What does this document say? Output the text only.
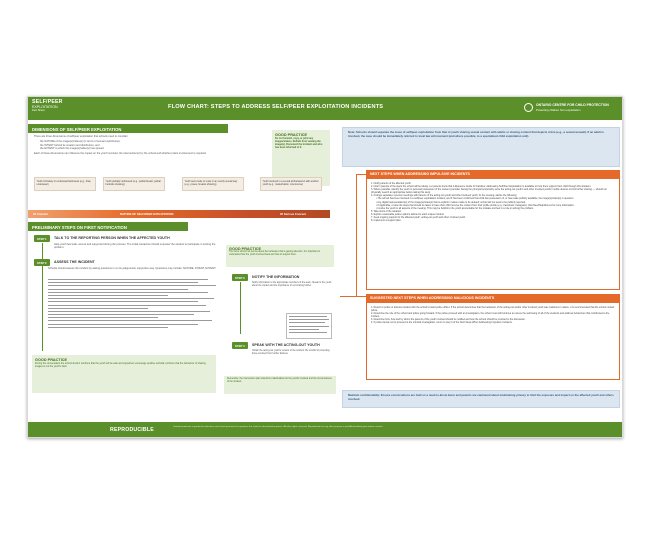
SELF/PEER
EXPLOITATION
Fact Sheet
FLOW CHART: STEPS TO ADDRESS SELF/PEER EXPLOITATION INCIDENTS	ONTARIO CENTRE FOR CHILD PROTECTION
Protecting children from exploitation
DIMENSIONS OF SELF/PEER EXPLOITATION
There are three dimensions of self/peer exploitation that schools need to consider:
the NATURE of the image(s)/video(s) (in terms of sexual explicitness),
the INTENT behind its creation and distribution, and
the EXTENT to which the image(s)/video(s) has spread.
Each of these dimensions can influence the impact on the youth involved, the intervention(s) by the school and whether police involvement is required.
GOOD PRACTICE
Do not forward, copy, or print any images/videos. Refrain from viewing the image(s). Document the incident and who has been informed of it.
Youth intimately in underwear/swimwear (e.g., bras, underwear)
Youth partially undressed (e.g., partial breast, partial buttocks showing)
Youth semi-nude or nude in an overtly sexual way (e.g., poses, breasts showing)
Youth involved in a sexual act/behaviour with another youth (e.g., masturbation, intercourse)
Of Concern	NATURE OF SELF/PEER EXPLOITATION	Of Serious Concern
PRELIMINARY STEPS ON FIRST NOTIFICATION
STEP 1	TALK TO THE REPORTING PERSON WHEN THE AFFECTED YOUTH
Help youth feel safe, secure and supported during the process. The initial interaction should empower the student to participate in solving the problem.
STEP 2	ASSESS THE INCIDENT
Schools should assess the incident by asking questions in a non-judgmental, supportive way. Questions may include: NATURE, INTENT, EXTENT.
GOOD PRACTICE
The focus should not just be about the behaviour that is getting attention. It is important to understand how the youth involved feels and how to support them.
STEP 3	NOTIFY THE INFORMATION
Notify information to the appropriate members of the team. Speak to the youth about the impact and the importance of not sharing further.
STEP 4	SPEAK WITH THE ACTING-OUT YOUTH
Obtain the acting-out youth's version of the incident. Be mindful of protecting those involved from further distress.
GOOD PRACTICE
During the conversation the school should: reinforce that the youth will be safe and supported; encourage positive self-talk; reinforce that the behaviour of sharing images is not the youth's fault.
Remember: the intervention plan should be individualized to the youths involved and the circumstances of the incident.
Note: Schools should separate the issue of self/peer exploitation from that of youth sharing sexual content with adults or sharing content that depicts crime (e.g., a sexual assault). If an adult is involved, the case should be immediately referred to local law enforcement (and where possible, to a specialized child exploitation unit).
NEXT STEPS WHEN ADDRESSING IMPULSIVE INCIDENTS
1. Notify parents of the affected youth.
2. Inform parents of the steps the school will be taking. Let parents know that A Resource Guide for Families: Addressing Self/Peer Exploitation is available to help them support their child through this situation.
3. Where possible, identify the youth in personal possession of the content (consider having the principal temporarily seize the acting-out youth's and other involved youths' mobile devices to limit further sharing — should not physically search an appropriate before taking this step).
4. Arrange separate in-person meetings with parents of the acting-out youth and other involved youth. At the meeting, advise the following:
• The school has been involved in a self/peer exploitation incident, and it has been confirmed that child has possession of, or has made publicly available, the image(s)/video(s) in question.
• Any digital representation(s) of the image(s)/video(s) that is explicit in nature made to be deleted; school will not seek to be publicly reported.
• If applicable, review the steps that should be taken to have their child remove the content from their profile profile (e.g., Facebook, Instagram). Visit NeedHelpNow.ca for more information.
• Involve the youth in all aspects of the meeting. This may be helpful to the youth accountable for the mistake and feel in a role in solving the problem.
5. Take stock of the situation.
6. Explore reasonable justice options tailored to each unique incident.
7. Seek ongoing support for the affected youth, acting-out youth and other involved youth.
8. Implement a support plan.
SUGGESTED NEXT STEPS WHEN ADDRESSING MALICIOUS INCIDENTS
1. Report to police or discuss incident with the school's board police officer. If the school determines that the behaviour of the acting-out and/or other involved youth was malicious in nature, it is recommended that the school contact police.
2. Determine the role of the school and police going forward. If the police proceed with an investigation, the school must still continue to ensure the well-being of all of the students and address behaviours that contributed to the incident.
3. Determine how, how and by whom the parents of the youth involved should be notified and how the school should be involved in the discussion.
4. If police decide not to proceed to the criminal investigation, return to step 4 of the Next Steps When Addressing Impulsive Incidents.
Maintain confidentiality: Ensure conversations are held on a need-to-know basis and parents are cautioned about maintaining privacy to limit the exposure and impact on the affected youth and others involved.
REPRODUCIBLE	Limited permission is granted to educators and school personnel to reproduce this chart for educational purposes. All other rights reserved. Reproduction for any other purpose is prohibited without prior written consent.
